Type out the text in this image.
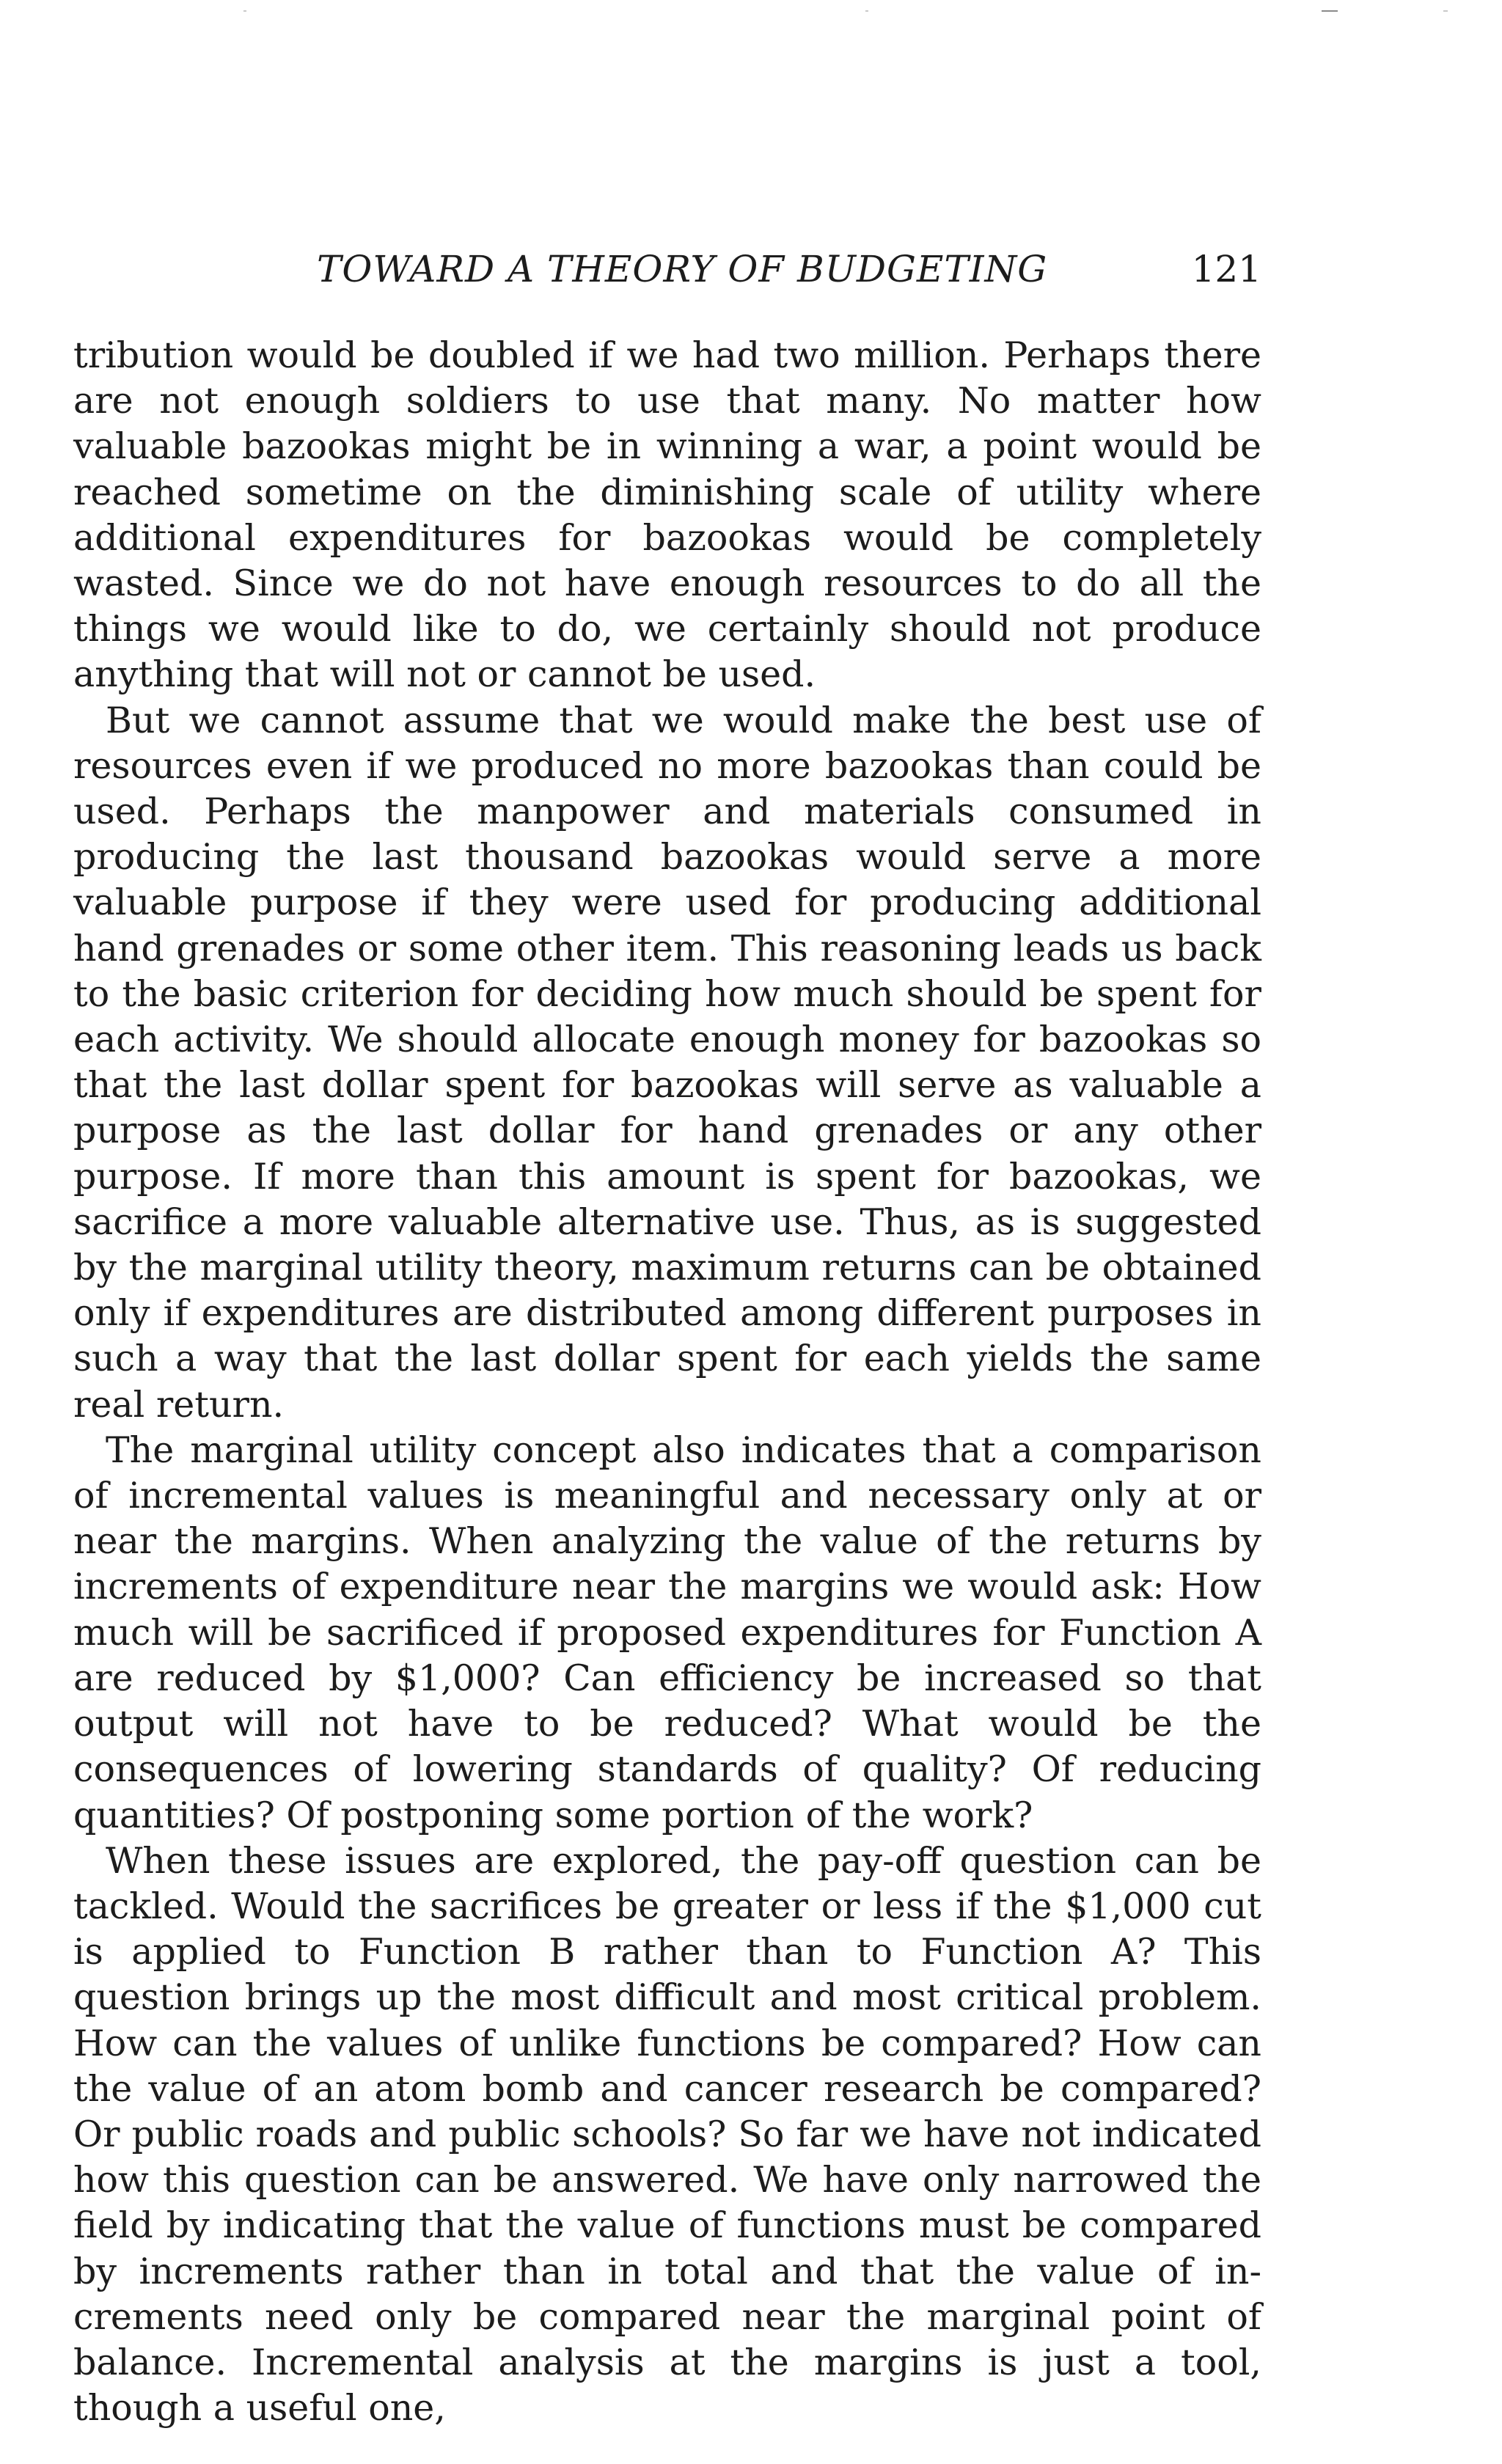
TOWARD A THEORY OF BUDGETING	121

tribution would be doubled if we had two million. Perhaps there are not enough soldiers to use that many. No matter how valuable bazookas might be in winning a war, a point would be reached sometime on the diminishing scale of utility where additional expenditures for bazookas would be completely wasted. Since we do not have enough resources to do all the things we would like to do, we certainly should not produce anything that will not or cannot be used.

But we cannot assume that we would make the best use of resources even if we produced no more bazookas than could be used. Perhaps the manpower and materials consumed in producing the last thousand bazookas would serve a more valuable purpose if they were used for producing additional hand grenades or some other item. This reasoning leads us back to the basic criterion for deciding how much should be spent for each activity. We should allocate enough money for bazookas so that the last dollar spent for bazookas will serve as valuable a purpose as the last dollar for hand grenades or any other purpose. If more than this amount is spent for bazookas, we sacrifice a more valuable alternative use. Thus, as is suggested by the marginal utility theory, maximum returns can be obtained only if expenditures are distributed among different purposes in such a way that the last dollar spent for each yields the same real return.

The marginal utility concept also indicates that a comparison of incremental values is meaningful and necessary only at or near the margins. When analyzing the value of the returns by increments of expenditure near the margins we would ask: How much will be sacrificed if proposed expenditures for Function A are reduced by $1,000? Can efficiency be increased so that output will not have to be reduced? What would be the consequences of lowering standards of quality? Of reducing quantities? Of postponing some portion of the work?

When these issues are explored, the pay-off question can be tackled. Would the sacrifices be greater or less if the $1,000 cut is applied to Function B rather than to Function A? This question brings up the most difficult and most critical problem. How can the values of unlike functions be compared? How can the value of an atom bomb and cancer research be compared? Or public roads and public schools? So far we have not indicated how this question can be answered. We have only narrowed the field by indicating that the value of functions must be compared by increments rather than in total and that the value of increments need only be compared near the marginal point of balance. Incremental analysis at the margins is just a tool, though a useful one,
